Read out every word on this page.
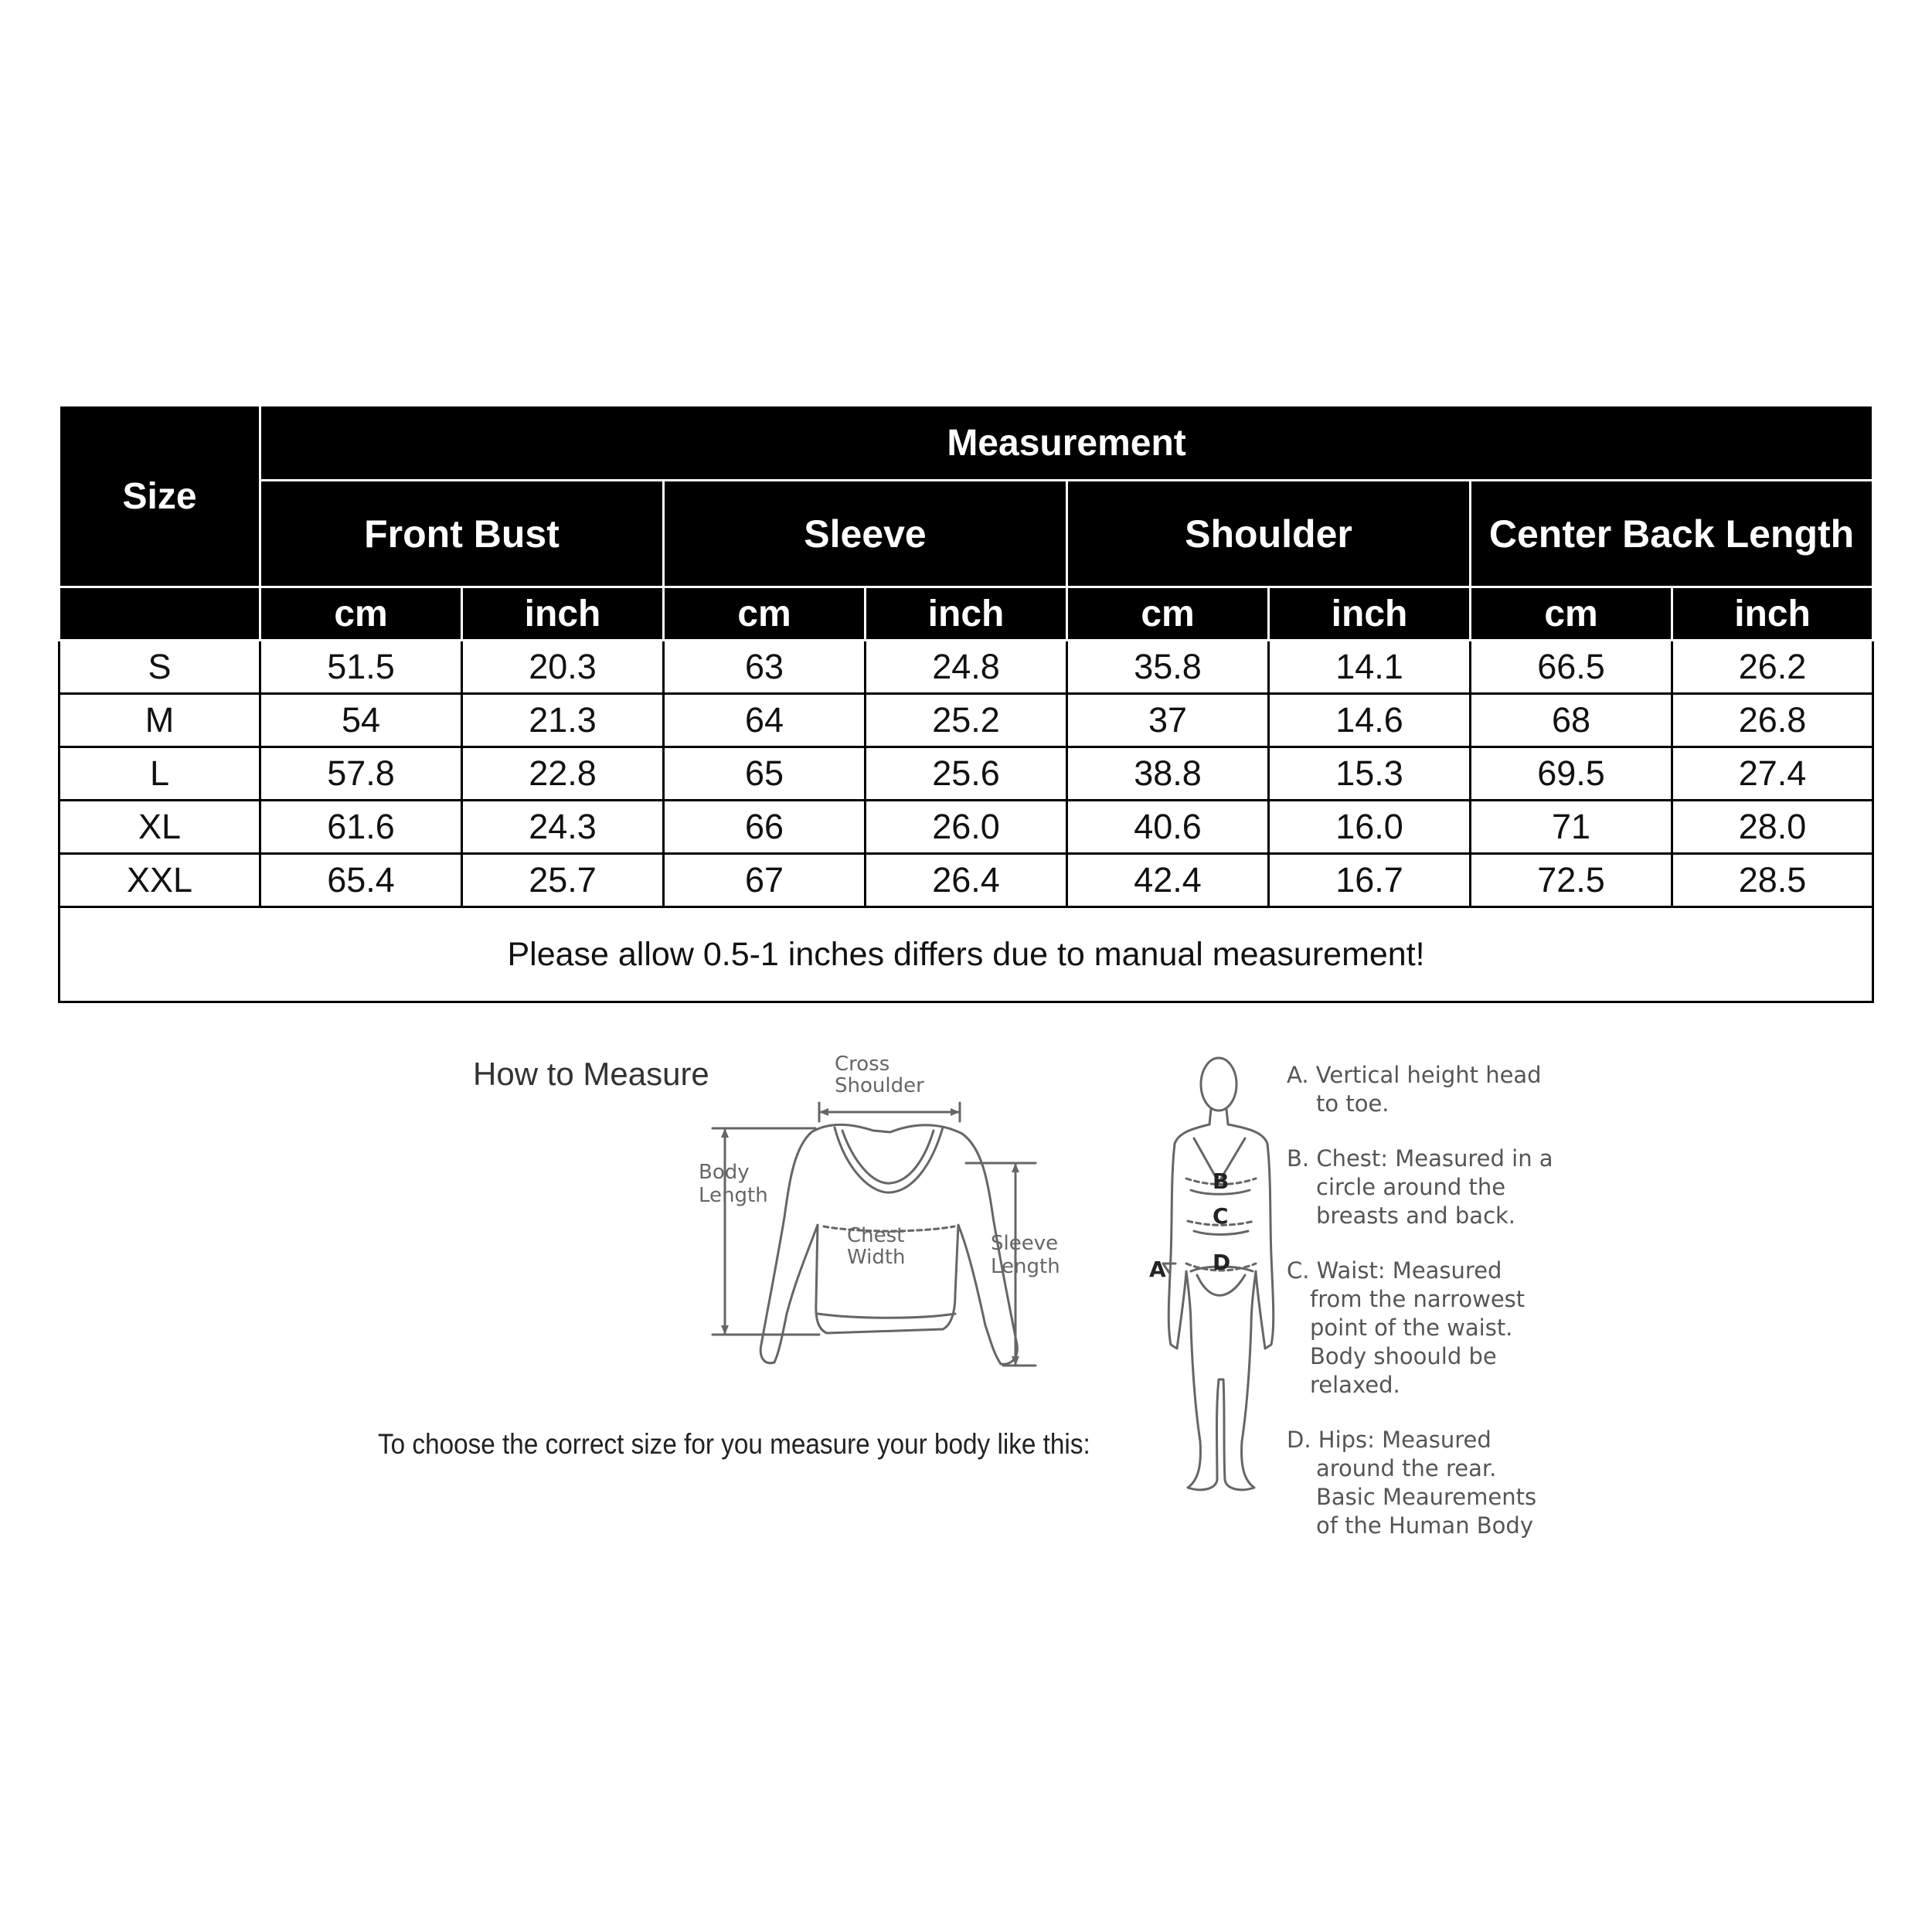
Size	Measurement							
	Front Bust		Sleeve		Shoulder		Center Back Length	
	cm	inch	cm	inch	cm	inch	cm	inch
S	51.5	20.3	63	24.8	35.8	14.1	66.5	26.2
M	54	21.3	64	25.2	37	14.6	68	26.8
L	57.8	22.8	65	25.6	38.8	15.3	69.5	27.4
XL	61.6	24.3	66	26.0	40.6	16.0	71	28.0
XXL	65.4	25.7	67	26.4	42.4	16.7	72.5	28.5
Please allow 0.5-1 inches differs due to manual measurement!								
How to Measure
To choose the correct size for you measure your body like this:
Cross
Shoulder
Body
Length
Chest
Width
Sleeve
Length	A
B
C
D
A. Vertical height head
to toe.
B. Chest: Measured in a
circle around the
breasts and back.
C. Waist: Measured
from the narrowest
point of the waist.
Body shoould be
relaxed.
D. Hips: Measured
around the rear.
Basic Meaurements
of the Human Body
